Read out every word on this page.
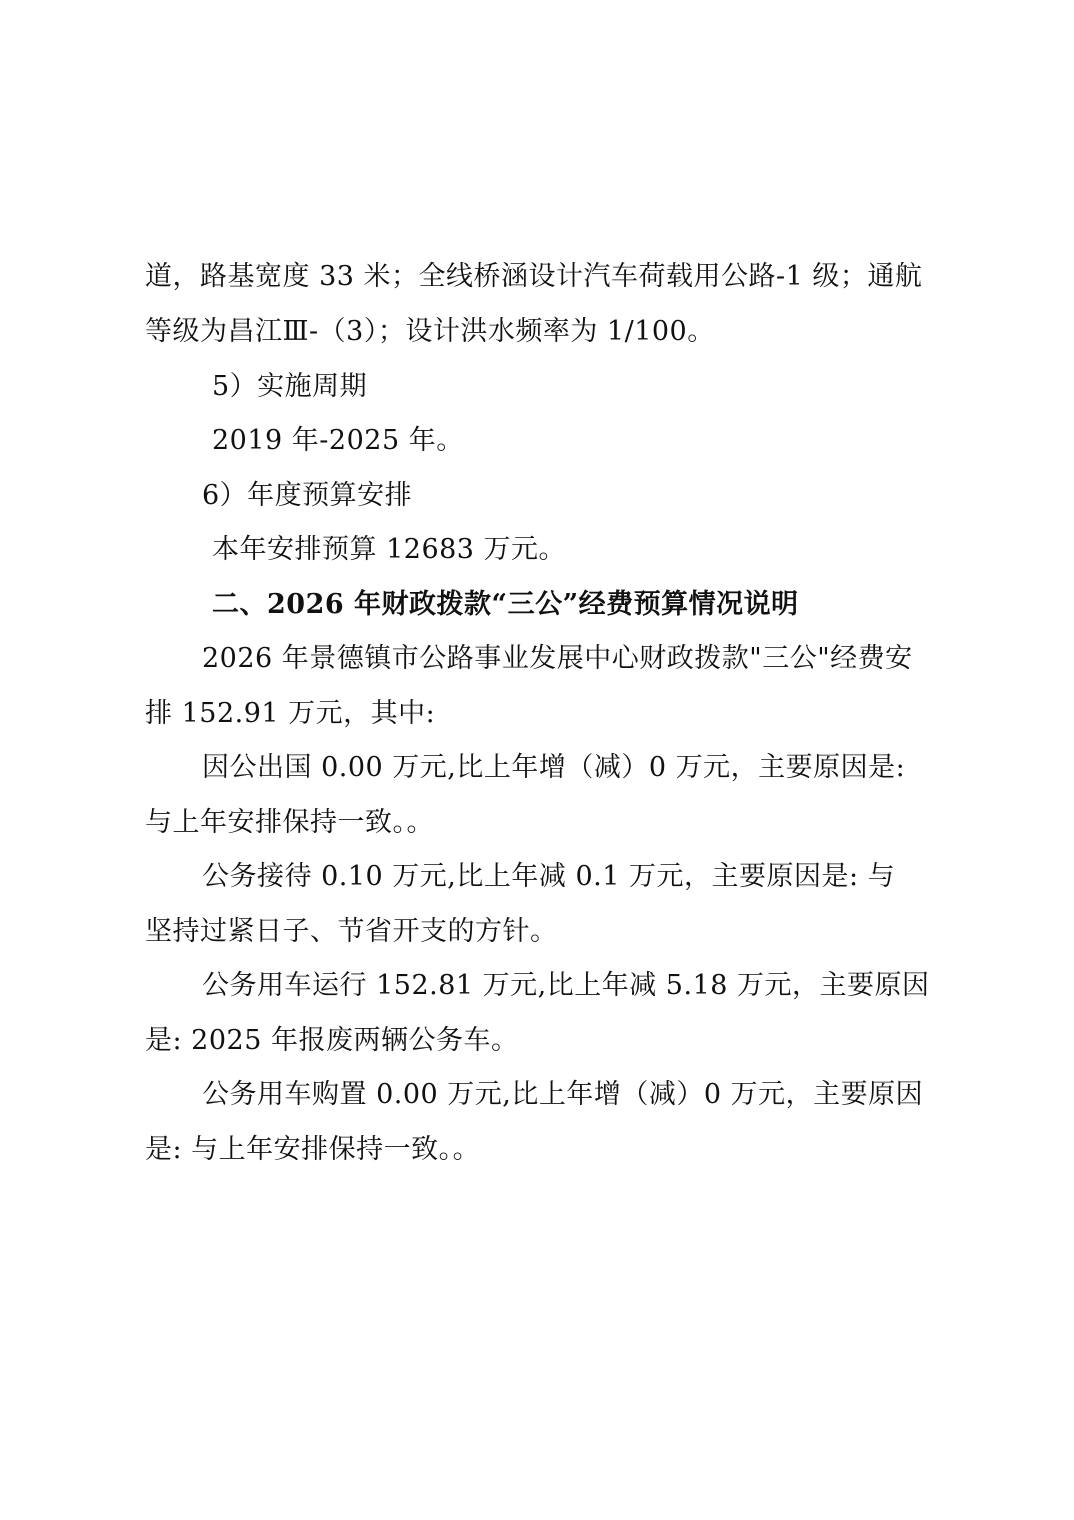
道，路基宽度 33 米；全线桥涵设计汽车荷载用公路-1 级；通航
等级为昌江Ⅲ-（3）；设计洪水频率为 1/100。
5）实施周期
2019 年-2025 年。
6）年度预算安排
本年安排预算 12683 万元。
二、2026 年财政拨款“三公”经费预算情况说明
2026 年景德镇市公路事业发展中心财政拨款"三公"经费安
排 152.91 万元，其中:
因公出国 0.00 万元,比上年增（减）0 万元，主要原因是:
与上年安排保持一致。。
公务接待 0.10 万元,比上年减 0.1 万元，主要原因是: 与
坚持过紧日子、节省开支的方针。
公务用车运行 152.81 万元,比上年减 5.18 万元，主要原因
是: 2025 年报废两辆公务车。
公务用车购置 0.00 万元,比上年增（减）0 万元，主要原因
是: 与上年安排保持一致。。
